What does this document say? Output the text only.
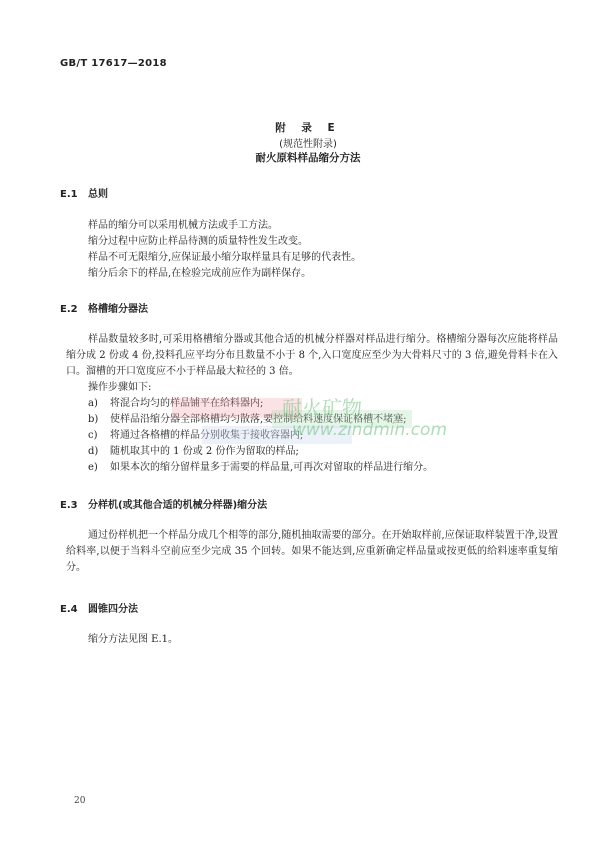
GB/T 17617—2018
附 录 E
(规范性附录)
耐火原料样品缩分方法
E.1 总则
样品的缩分可以采用机械方法或手工方法。
缩分过程中应防止样品待测的质量特性发生改变。
样品不可无限缩分,应保证最小缩分取样量具有足够的代表性。
缩分后余下的样品,在检验完成前应作为副样保存。
E.2 格槽缩分器法
样品数量较多时,可采用格槽缩分器或其他合适的机械分样器对样品进行缩分。格槽缩分器每次应能将样品缩分成 2 份或 4 份,投料孔应平均分布且数量不小于 8 个,入口宽度应至少为大骨料尺寸的 3 倍,避免骨料卡在入口。溜槽的开口宽度应不小于样品最大粒径的 3 倍。
操作步骤如下:
a) 将混合均匀的样品铺平在给料器内;
b) 使样品沿缩分器全部格槽均匀散落,要控制给料速度保证格槽不堵塞;
c) 将通过各格槽的样品分别收集于接收容器内;
d) 随机取其中的 1 份或 2 份作为留取的样品;
e) 如果本次的缩分留样量多于需要的样品量,可再次对留取的样品进行缩分。
E.3 分样机(或其他合适的机械分样器)缩分法
通过份样机把一个样品分成几个相等的部分,随机抽取需要的部分。在开始取样前,应保证取样装置干净,设置给料率,以便于当料斗空前应至少完成 35 个回转。如果不能达到,应重新确定样品量或按更低的给料速率重复缩分。
E.4 圆锥四分法
缩分方法见图 E.1。
耐火矿物
www.zindmin.com
20
